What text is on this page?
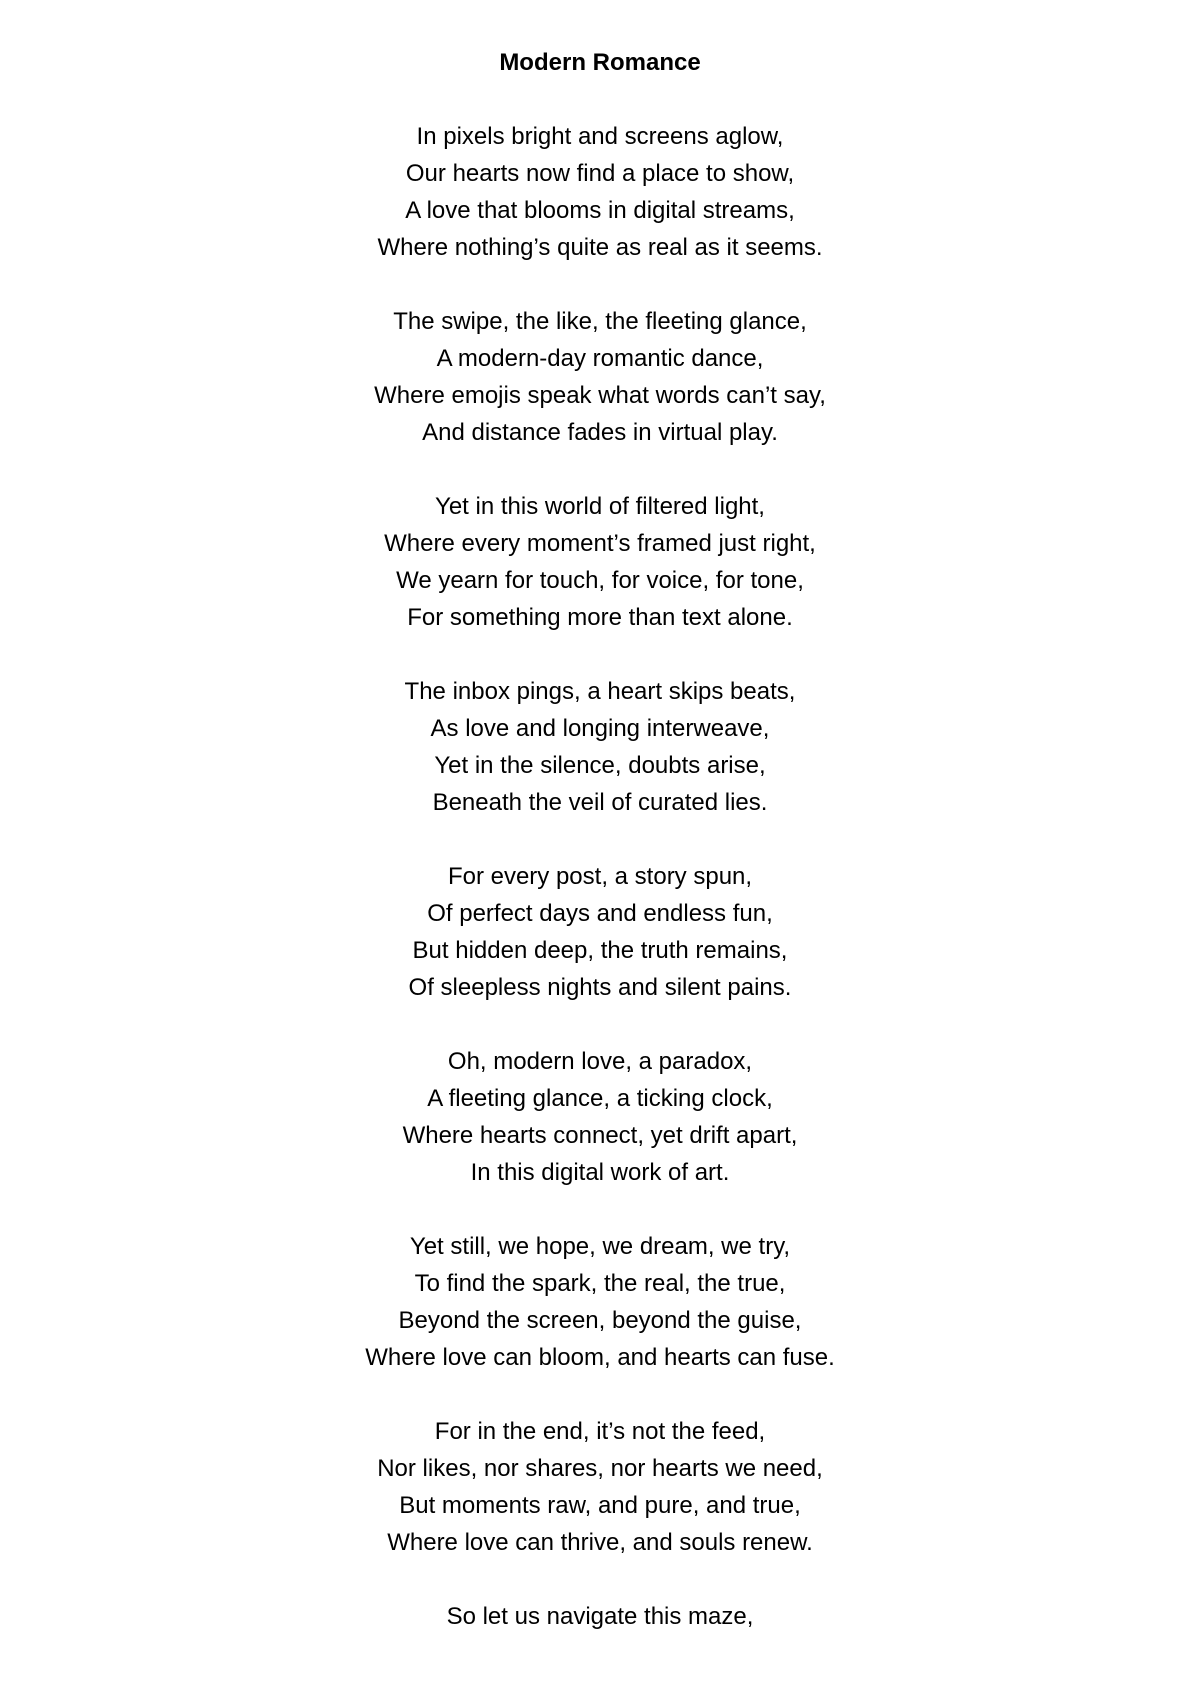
Modern Romance
In pixels bright and screens aglow,
Our hearts now find a place to show,
A love that blooms in digital streams,
Where nothing’s quite as real as it seems.
The swipe, the like, the fleeting glance,
A modern-day romantic dance,
Where emojis speak what words can’t say,
And distance fades in virtual play.
Yet in this world of filtered light,
Where every moment’s framed just right,
We yearn for touch, for voice, for tone,
For something more than text alone.
The inbox pings, a heart skips beats,
As love and longing interweave,
Yet in the silence, doubts arise,
Beneath the veil of curated lies.
For every post, a story spun,
Of perfect days and endless fun,
But hidden deep, the truth remains,
Of sleepless nights and silent pains.
Oh, modern love, a paradox,
A fleeting glance, a ticking clock,
Where hearts connect, yet drift apart,
In this digital work of art.
Yet still, we hope, we dream, we try,
To find the spark, the real, the true,
Beyond the screen, beyond the guise,
Where love can bloom, and hearts can fuse.
For in the end, it’s not the feed,
Nor likes, nor shares, nor hearts we need,
But moments raw, and pure, and true,
Where love can thrive, and souls renew.
So let us navigate this maze,
